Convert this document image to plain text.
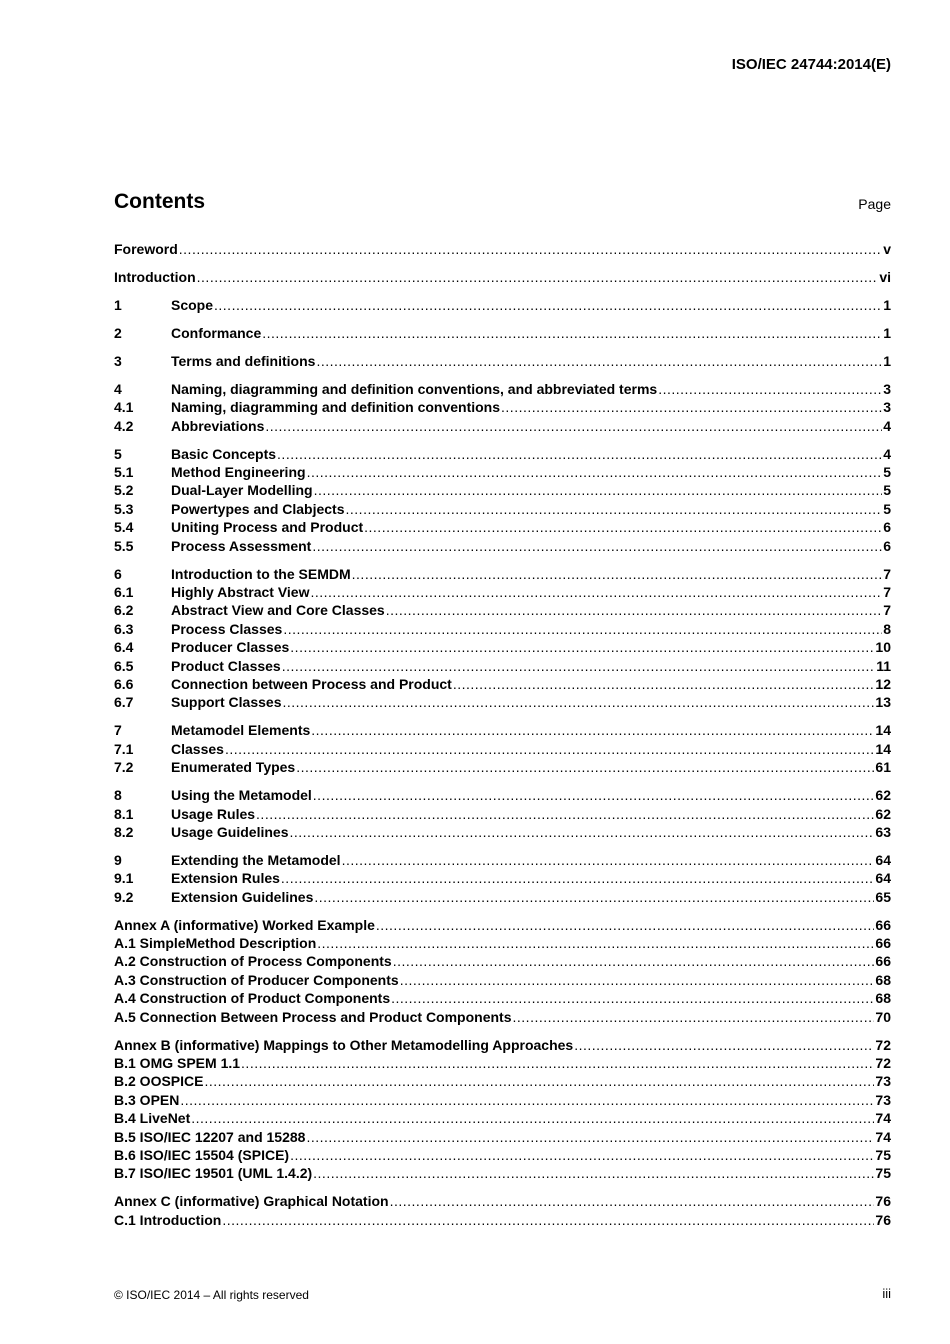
ISO/IEC 24744:2014(E)
Contents	Page
Foreword .....	v
Introduction .....	vi
1	Scope .....	1
2	Conformance .....	1
3	Terms and definitions .....	1
4	Naming, diagramming and definition conventions, and abbreviated terms .....	3
4.1	Naming, diagramming and definition conventions .....	3
4.2	Abbreviations .....	4
5	Basic Concepts .....	4
5.1	Method Engineering .....	5
5.2	Dual-Layer Modelling .....	5
5.3	Powertypes and Clabjects .....	5
5.4	Uniting Process and Product .....	6
5.5	Process Assessment .....	6
6	Introduction to the SEMDM .....	7
6.1	Highly Abstract View .....	7
6.2	Abstract View and Core Classes .....	7
6.3	Process Classes .....	8
6.4	Producer Classes .....	10
6.5	Product Classes .....	11
6.6	Connection between Process and Product .....	12
6.7	Support Classes .....	13
7	Metamodel Elements .....	14
7.1	Classes .....	14
7.2	Enumerated Types .....	61
8	Using the Metamodel .....	62
8.1	Usage Rules .....	62
8.2	Usage Guidelines .....	63
9	Extending the Metamodel .....	64
9.1	Extension Rules .....	64
9.2	Extension Guidelines .....	65
Annex A (informative) Worked Example .....	66
A.1 SimpleMethod Description .....	66
A.2 Construction of Process Components .....	66
A.3 Construction of Producer Components .....	68
A.4 Construction of Product Components .....	68
A.5 Connection Between Process and Product Components .....	70
Annex B (informative) Mappings to Other Metamodelling Approaches .....	72
B.1 OMG SPEM 1.1 .....	72
B.2 OOSPICE .....	73
B.3 OPEN .....	73
B.4 LiveNet .....	74
B.5 ISO/IEC 12207 and 15288 .....	74
B.6 ISO/IEC 15504 (SPICE) .....	75
B.7 ISO/IEC 19501 (UML 1.4.2) .....	75
Annex C (informative) Graphical Notation .....	76
C.1 Introduction .....	76
© ISO/IEC 2014 – All rights reserved	iii
